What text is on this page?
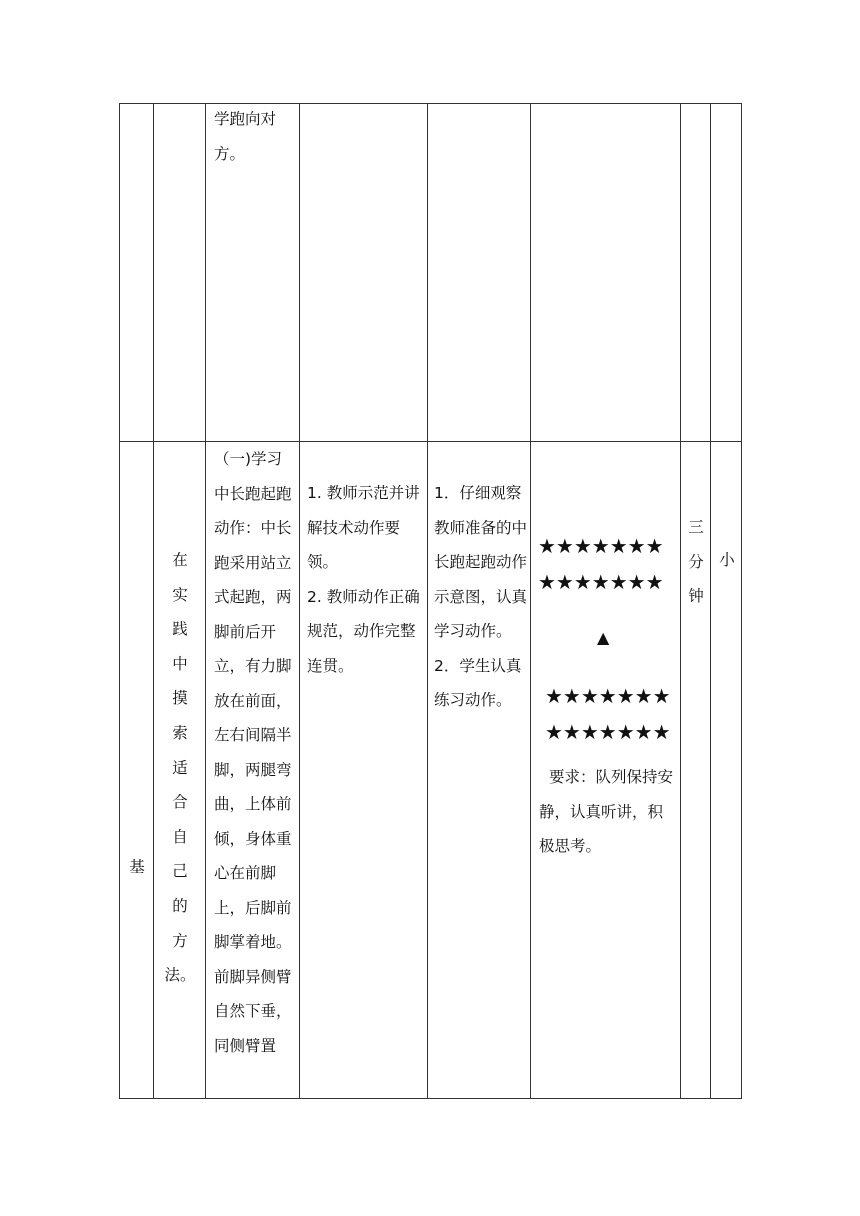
学跑向对方。
基
在
实
践
中
摸
索
适
合
自
己
的
方
法。
（一)学习中长跑起跑动作：中长跑采用站立式起跑，两脚前后开立，有力脚放在前面，左右间隔半脚，两腿弯曲，上体前倾，身体重心在前脚上，后脚前脚掌着地。前脚异侧臂自然下垂，同侧臂置
1. 教师示范并讲解技术动作要领。
2. 教师动作正确规范，动作完整连贯。
1．仔细观察教师准备的中长跑起跑动作示意图，认真学习动作。
2．学生认真练习动作。
★★★★★★★
★★★★★★★
▲
★★★★★★★
★★★★★★★
要求：队列保持安静，认真听讲，积极思考。
三
分
钟
小
